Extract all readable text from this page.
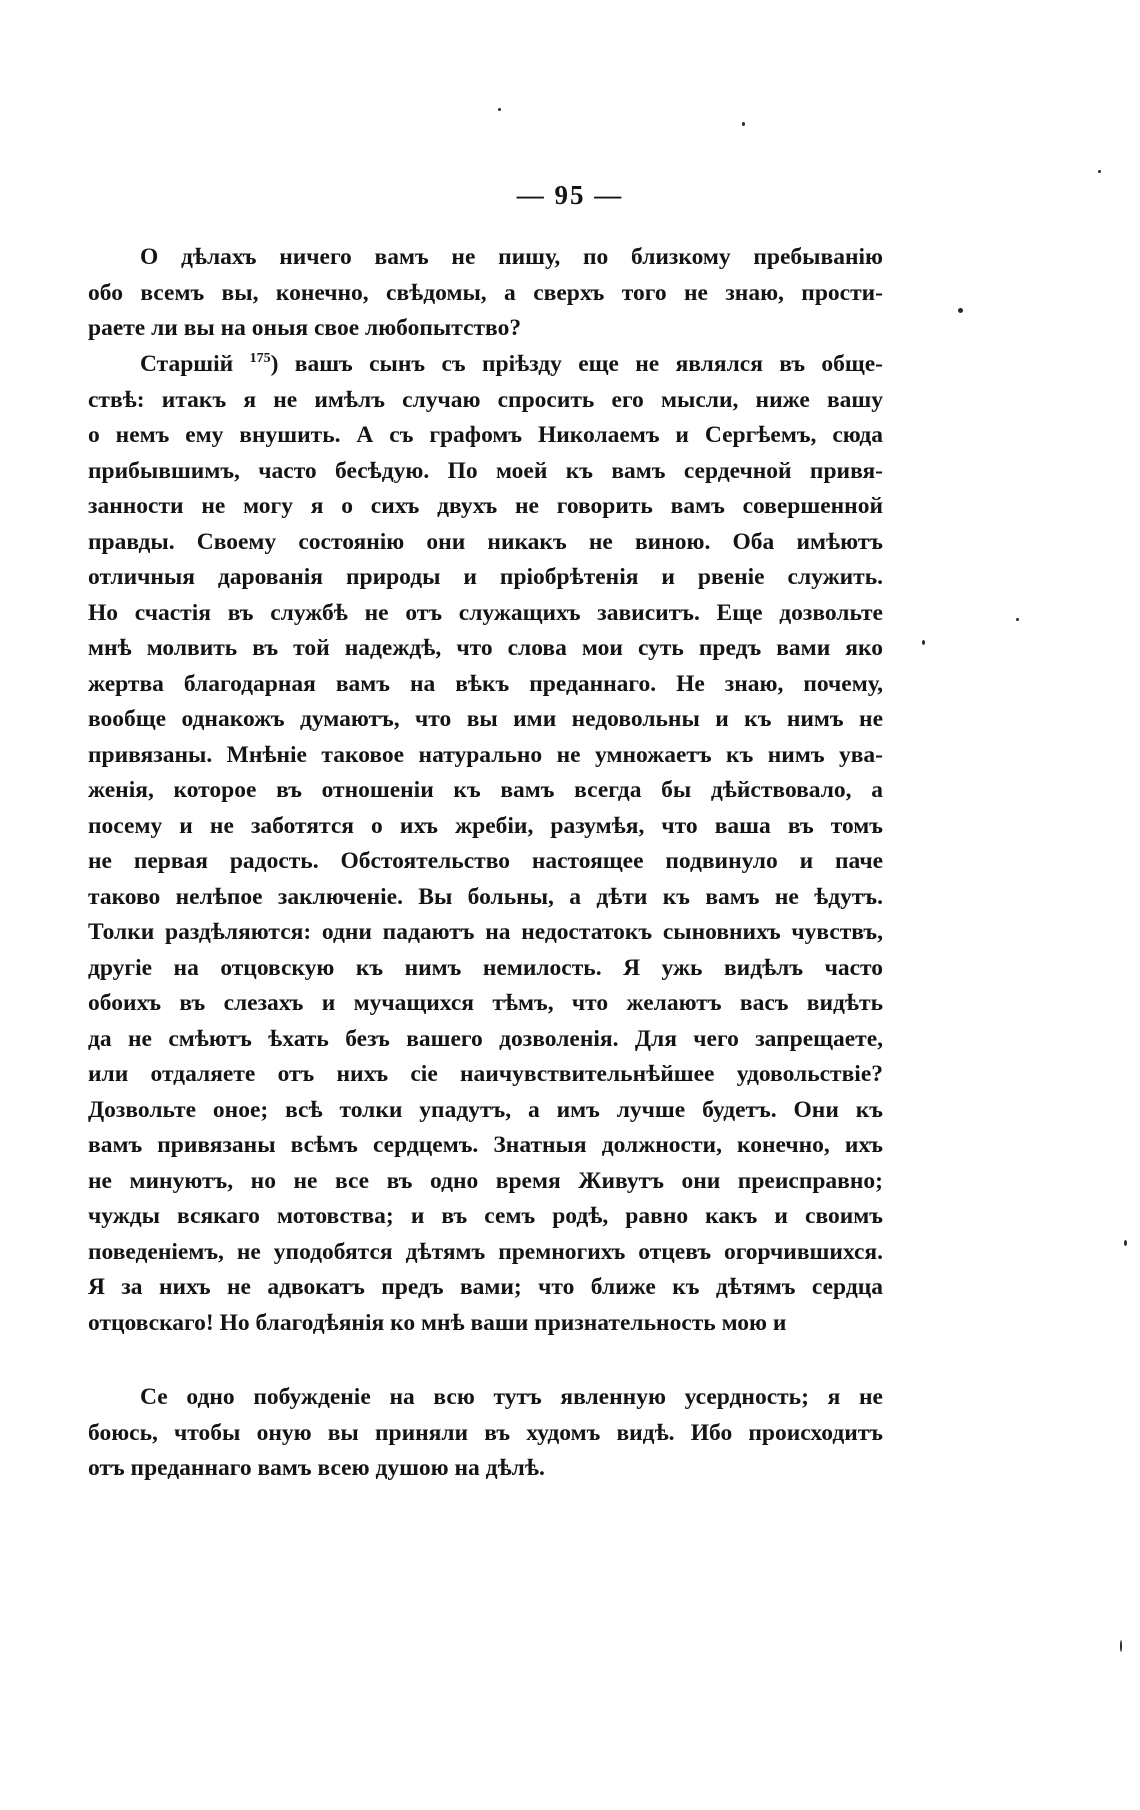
— 95 —
О дѣлахъ ничего вамъ не пишу, по близкому пребыванію
обо всемъ вы, конечно, свѣдомы, а сверхъ того не знаю, прости-
раете ли вы на оныя свое любопытство?
Старшій $^{175}$) вашъ сынъ съ пріѣзду еще не являлся въ обще-
ствѣ: итакъ я не имѣлъ случаю спросить его мысли, ниже вашу
о немъ ему внушить. А съ графомъ Николаемъ и Сергѣемъ, сюда
прибывшимъ, часто бесѣдую. По моей къ вамъ сердечной привя-
занности не могу я о сихъ двухъ не говорить вамъ совершенной
правды. Своему состоянію они никакъ не виною. Оба имѣютъ
отличныя дарованія природы и пріобрѣтенія и рвеніе служить.
Но счастія въ службѣ не отъ служащихъ зависитъ. Еще дозвольте
мнѣ молвить въ той надеждѣ, что слова мои суть предъ вами яко
жертва благодарная вамъ на вѣкъ преданнаго. Не знаю, почему,
вообще однакожъ думаютъ, что вы ими недовольны и къ нимъ не
привязаны. Мнѣніе таковое натурально не умножаетъ къ нимъ ува-
женія, которое въ отношеніи къ вамъ всегда бы дѣйствовало, а
посему и не заботятся о ихъ жребіи, разумѣя, что ваша въ томъ
не первая радость. Обстоятельство настоящее подвинуло и паче
таково нелѣпое заключеніе. Вы больны, а дѣти къ вамъ не ѣдутъ.
Толки раздѣляются: одни падаютъ на недостатокъ сыновнихъ чувствъ,
другіе на отцовскую къ нимъ немилость. Я ужь видѣлъ часто
обоихъ въ слезахъ и мучащихся тѣмъ, что желаютъ васъ видѣть
да не смѣютъ ѣхать безъ вашего дозволенія. Для чего запрещаете,
или отдаляете отъ нихъ сіе наичувствительнѣйшее удовольствіе?
Дозвольте оное; всѣ толки упадутъ, а имъ лучше будетъ. Они къ
вамъ привязаны всѣмъ сердцемъ. Знатныя должности, конечно, ихъ
не минуютъ, но не все въ одно время Живутъ они преисправно;
чужды всякаго мотовства; и въ семъ родѣ, равно какъ и своимъ
поведеніемъ, не уподобятся дѣтямъ премногихъ отцевъ огорчившихся.
Я за нихъ не адвокатъ предъ вами; что ближе къ дѣтямъ сердца
отцовскаго! Но благодѣянія ко мнѣ ваши признательность мою и
Се одно побужденіе на всю тутъ явленную усердность; я не
боюсь, чтобы оную вы приняли въ худомъ видѣ. Ибо происходитъ
отъ преданнаго вамъ всею душою на дѣлѣ.
